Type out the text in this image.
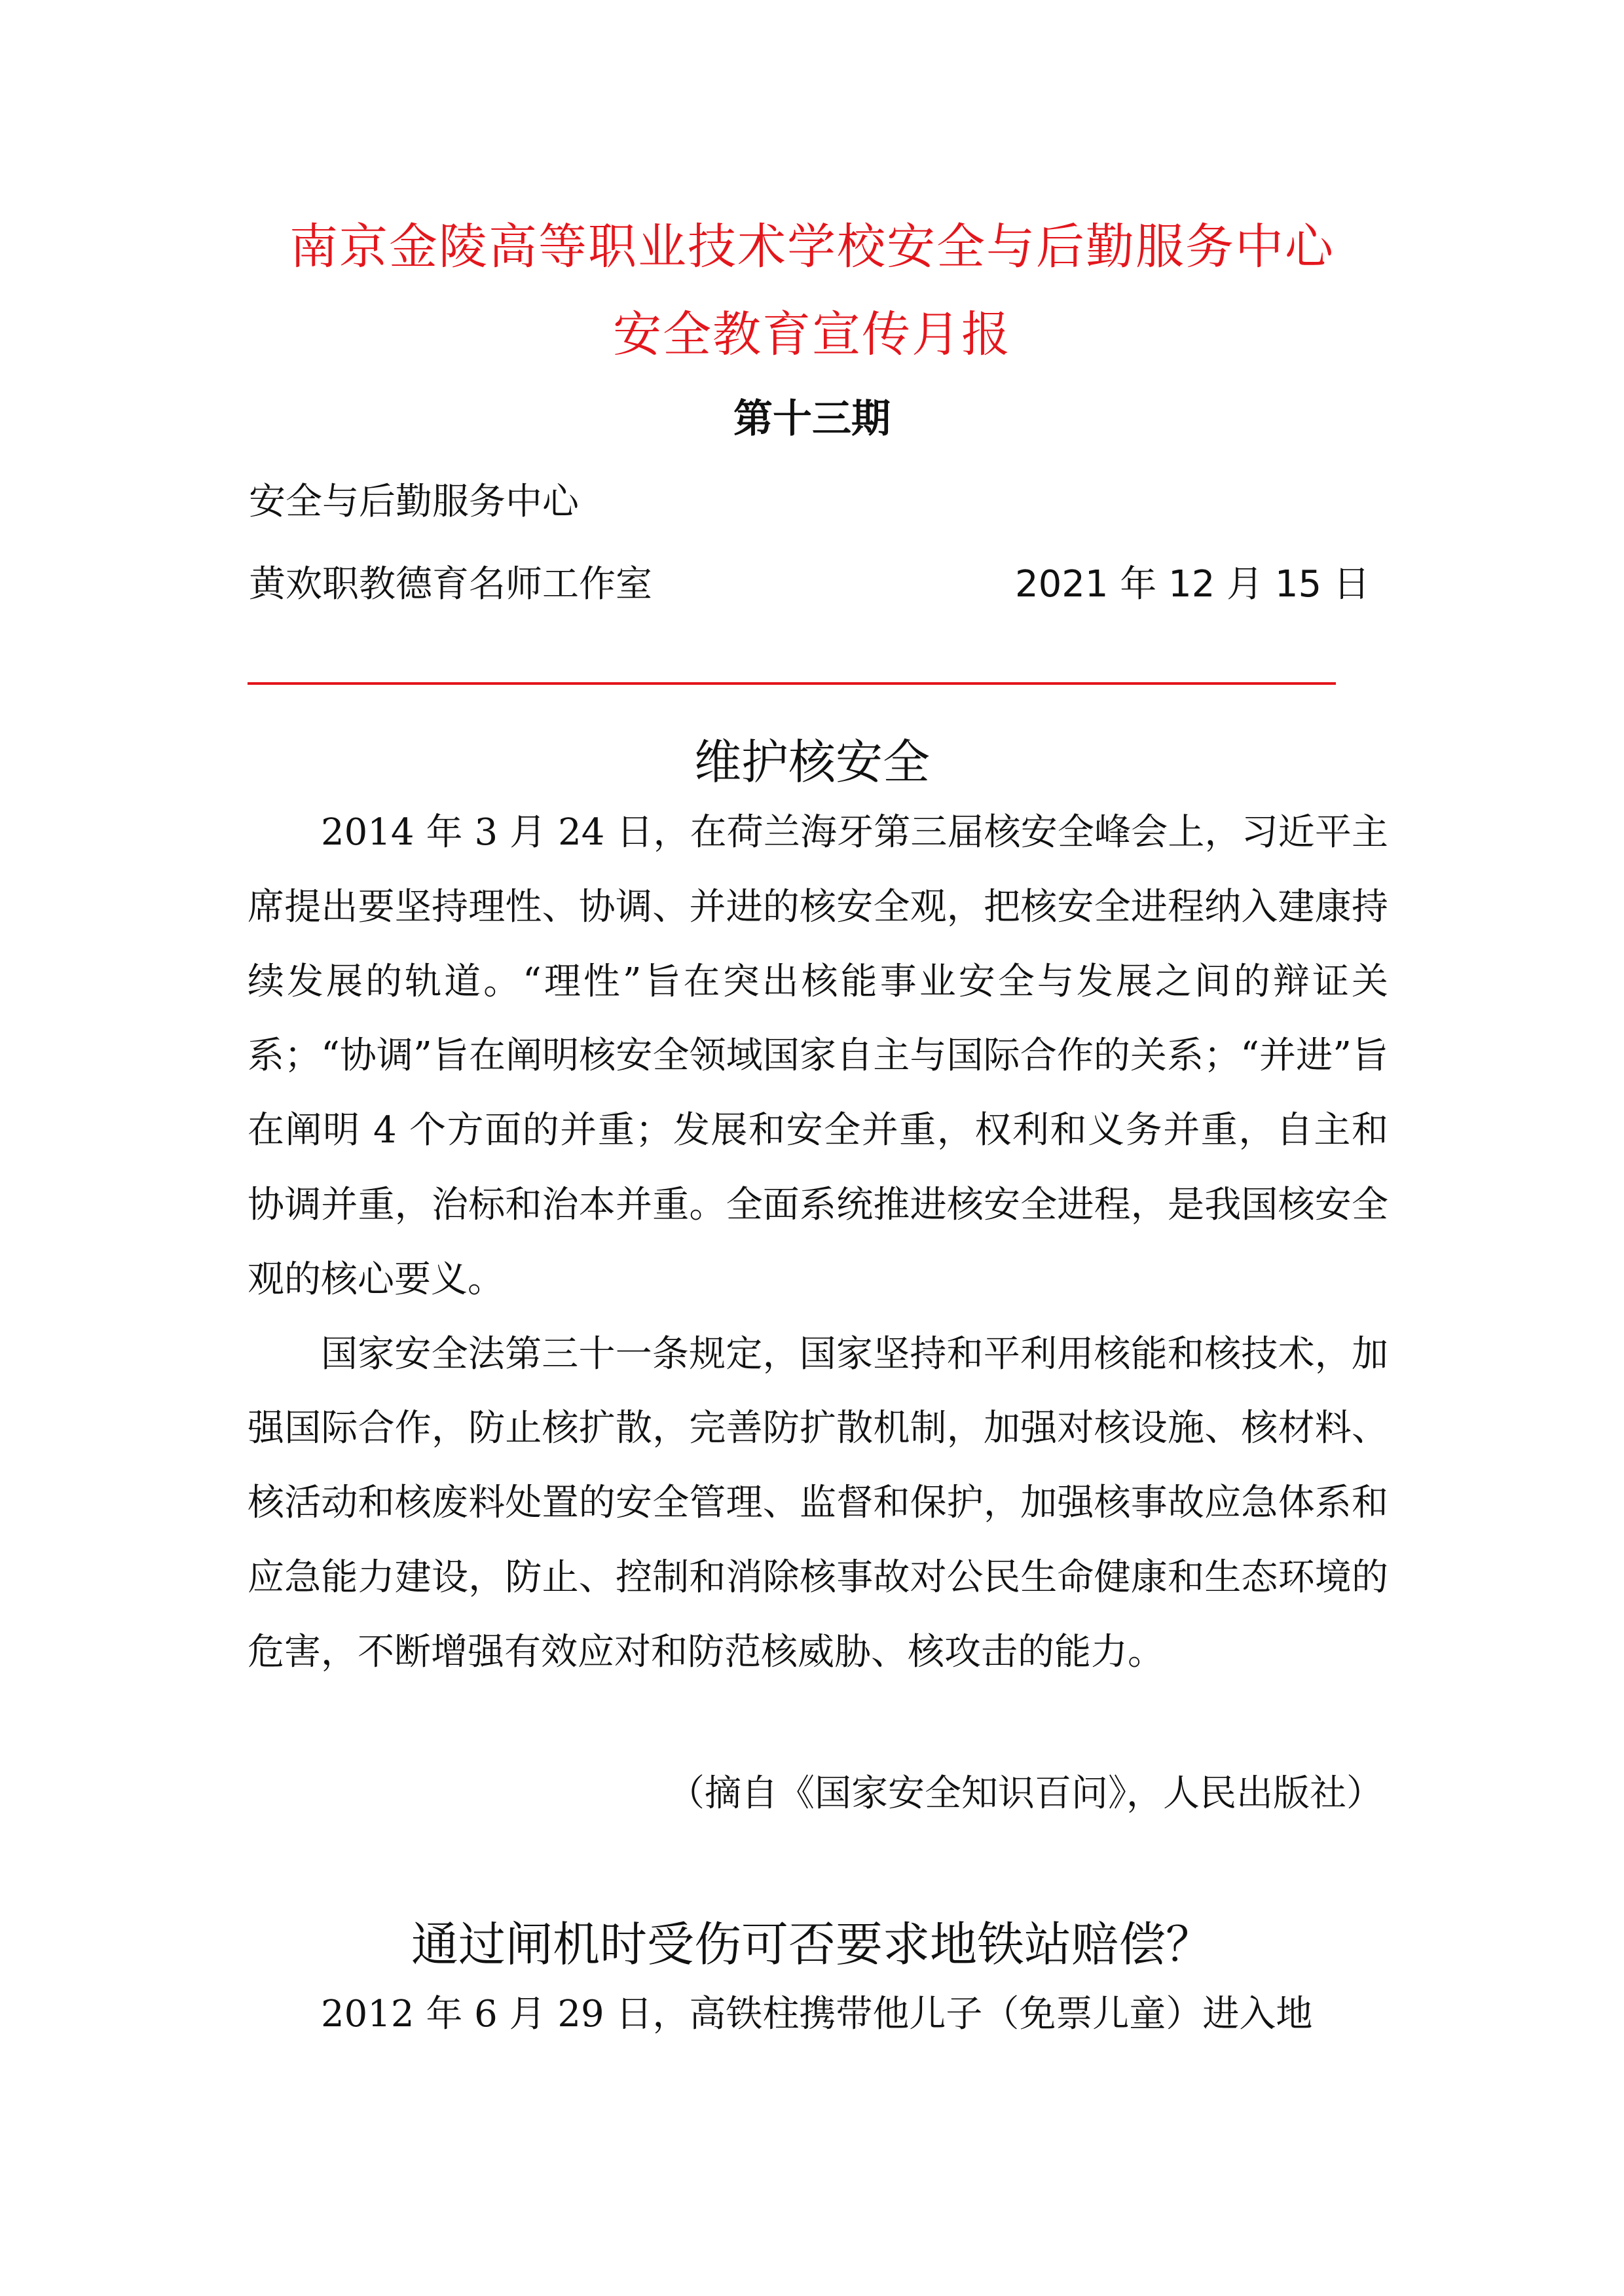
南京金陵高等职业技术学校安全与后勤服务中心
安全教育宣传月报
第十三期
安全与后勤服务中心
黄欢职教德育名师工作室	2021 年 12 月 15 日
维护核安全

2014 年 3 月 24 日，在荷兰海牙第三届核安全峰会上，习近平主席提出要坚持理性、协调、并进的核安全观，把核安全进程纳入建康持续发展的轨道。“理性”旨在突出核能事业安全与发展之间的辩证关系；“协调”旨在阐明核安全领域国家自主与国际合作的关系；“并进”旨在阐明 4 个方面的并重；发展和安全并重，权利和义务并重，自主和协调并重，治标和治本并重。全面系统推进核安全进程，是我国核安全观的核心要义。

国家安全法第三十一条规定，国家坚持和平利用核能和核技术，加强国际合作，防止核扩散，完善防扩散机制，加强对核设施、核材料、核活动和核废料处置的安全管理、监督和保护，加强核事故应急体系和应急能力建设，防止、控制和消除核事故对公民生命健康和生态环境的危害，不断增强有效应对和防范核威胁、核攻击的能力。

（摘自《国家安全知识百问》，人民出版社）
通过闸机时受伤可否要求地铁站赔偿？

2012 年 6 月 29 日，高铁柱携带他儿子（免票儿童）进入地
